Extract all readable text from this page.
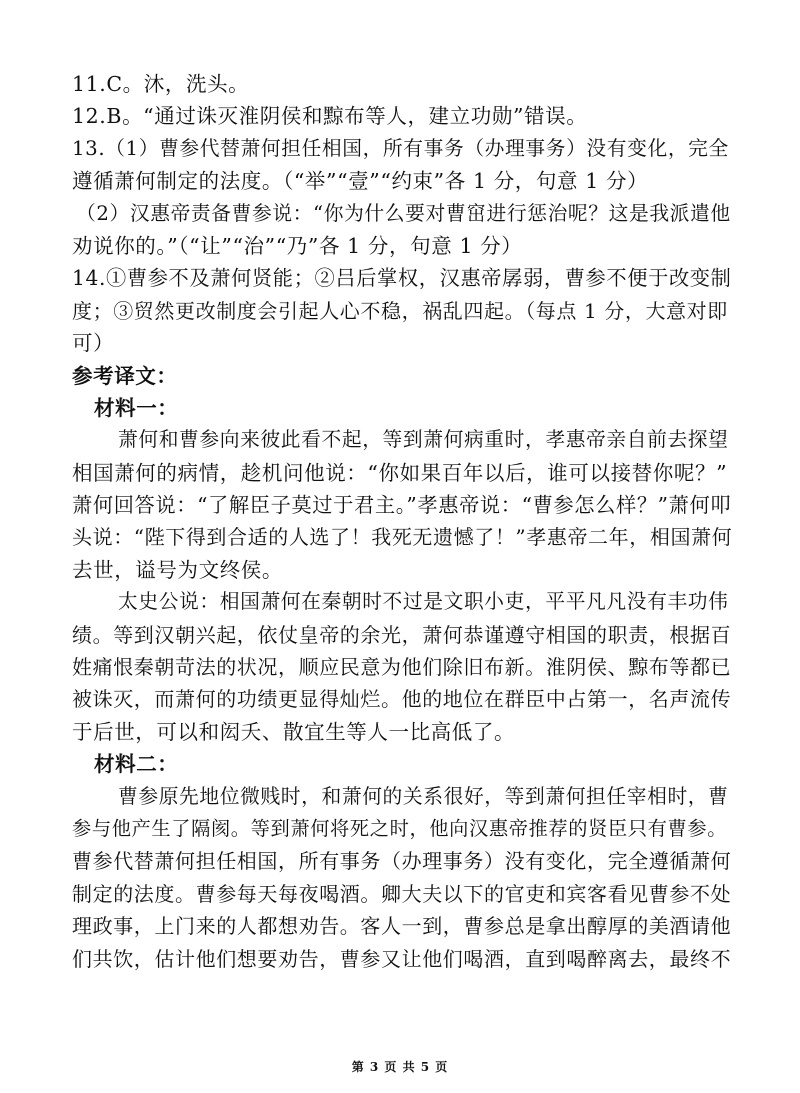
11.C。沐，洗头。
12.B。“通过诛灭淮阴侯和黥布等人，建立功勋”错误。
13.（1）曹参代替萧何担任相国，所有事务（办理事务）没有变化，完全
遵循萧何制定的法度。（“举”“壹”“约束”各 1 分，句意 1 分）
（2）汉惠帝责备曹参说：“你为什么要对曹窋进行惩治呢？这是我派遣他
劝说你的。”（“让”“治”“乃”各 1 分，句意 1 分）
14.①曹参不及萧何贤能；②吕后掌权，汉惠帝孱弱，曹参不便于改变制
度；③贸然更改制度会引起人心不稳，祸乱四起。（每点 1 分，大意对即
可）
参考译文：
材料一：
萧何和曹参向来彼此看不起，等到萧何病重时，孝惠帝亲自前去探望
相国萧何的病情，趁机问他说：“你如果百年以后，谁可以接替你呢？”
萧何回答说：“了解臣子莫过于君主。”孝惠帝说：“曹参怎么样？”萧何叩
头说：“陛下得到合适的人选了！我死无遗憾了！”孝惠帝二年，相国萧何
去世，谥号为文终侯。
太史公说：相国萧何在秦朝时不过是文职小吏，平平凡凡没有丰功伟
绩。等到汉朝兴起，依仗皇帝的余光，萧何恭谨遵守相国的职责，根据百
姓痛恨秦朝苛法的状况，顺应民意为他们除旧布新。淮阴侯、黥布等都已
被诛灭，而萧何的功绩更显得灿烂。他的地位在群臣中占第一，名声流传
于后世，可以和闳夭、散宜生等人一比高低了。
材料二：
曹参原先地位微贱时，和萧何的关系很好，等到萧何担任宰相时，曹
参与他产生了隔阂。等到萧何将死之时，他向汉惠帝推荐的贤臣只有曹参。
曹参代替萧何担任相国，所有事务（办理事务）没有变化，完全遵循萧何
制定的法度。曹参每天每夜喝酒。卿大夫以下的官吏和宾客看见曹参不处
理政事，上门来的人都想劝告。客人一到，曹参总是拿出醇厚的美酒请他
们共饮，估计他们想要劝告，曹参又让他们喝酒，直到喝醉离去，最终不
第 3 页 共 5 页
